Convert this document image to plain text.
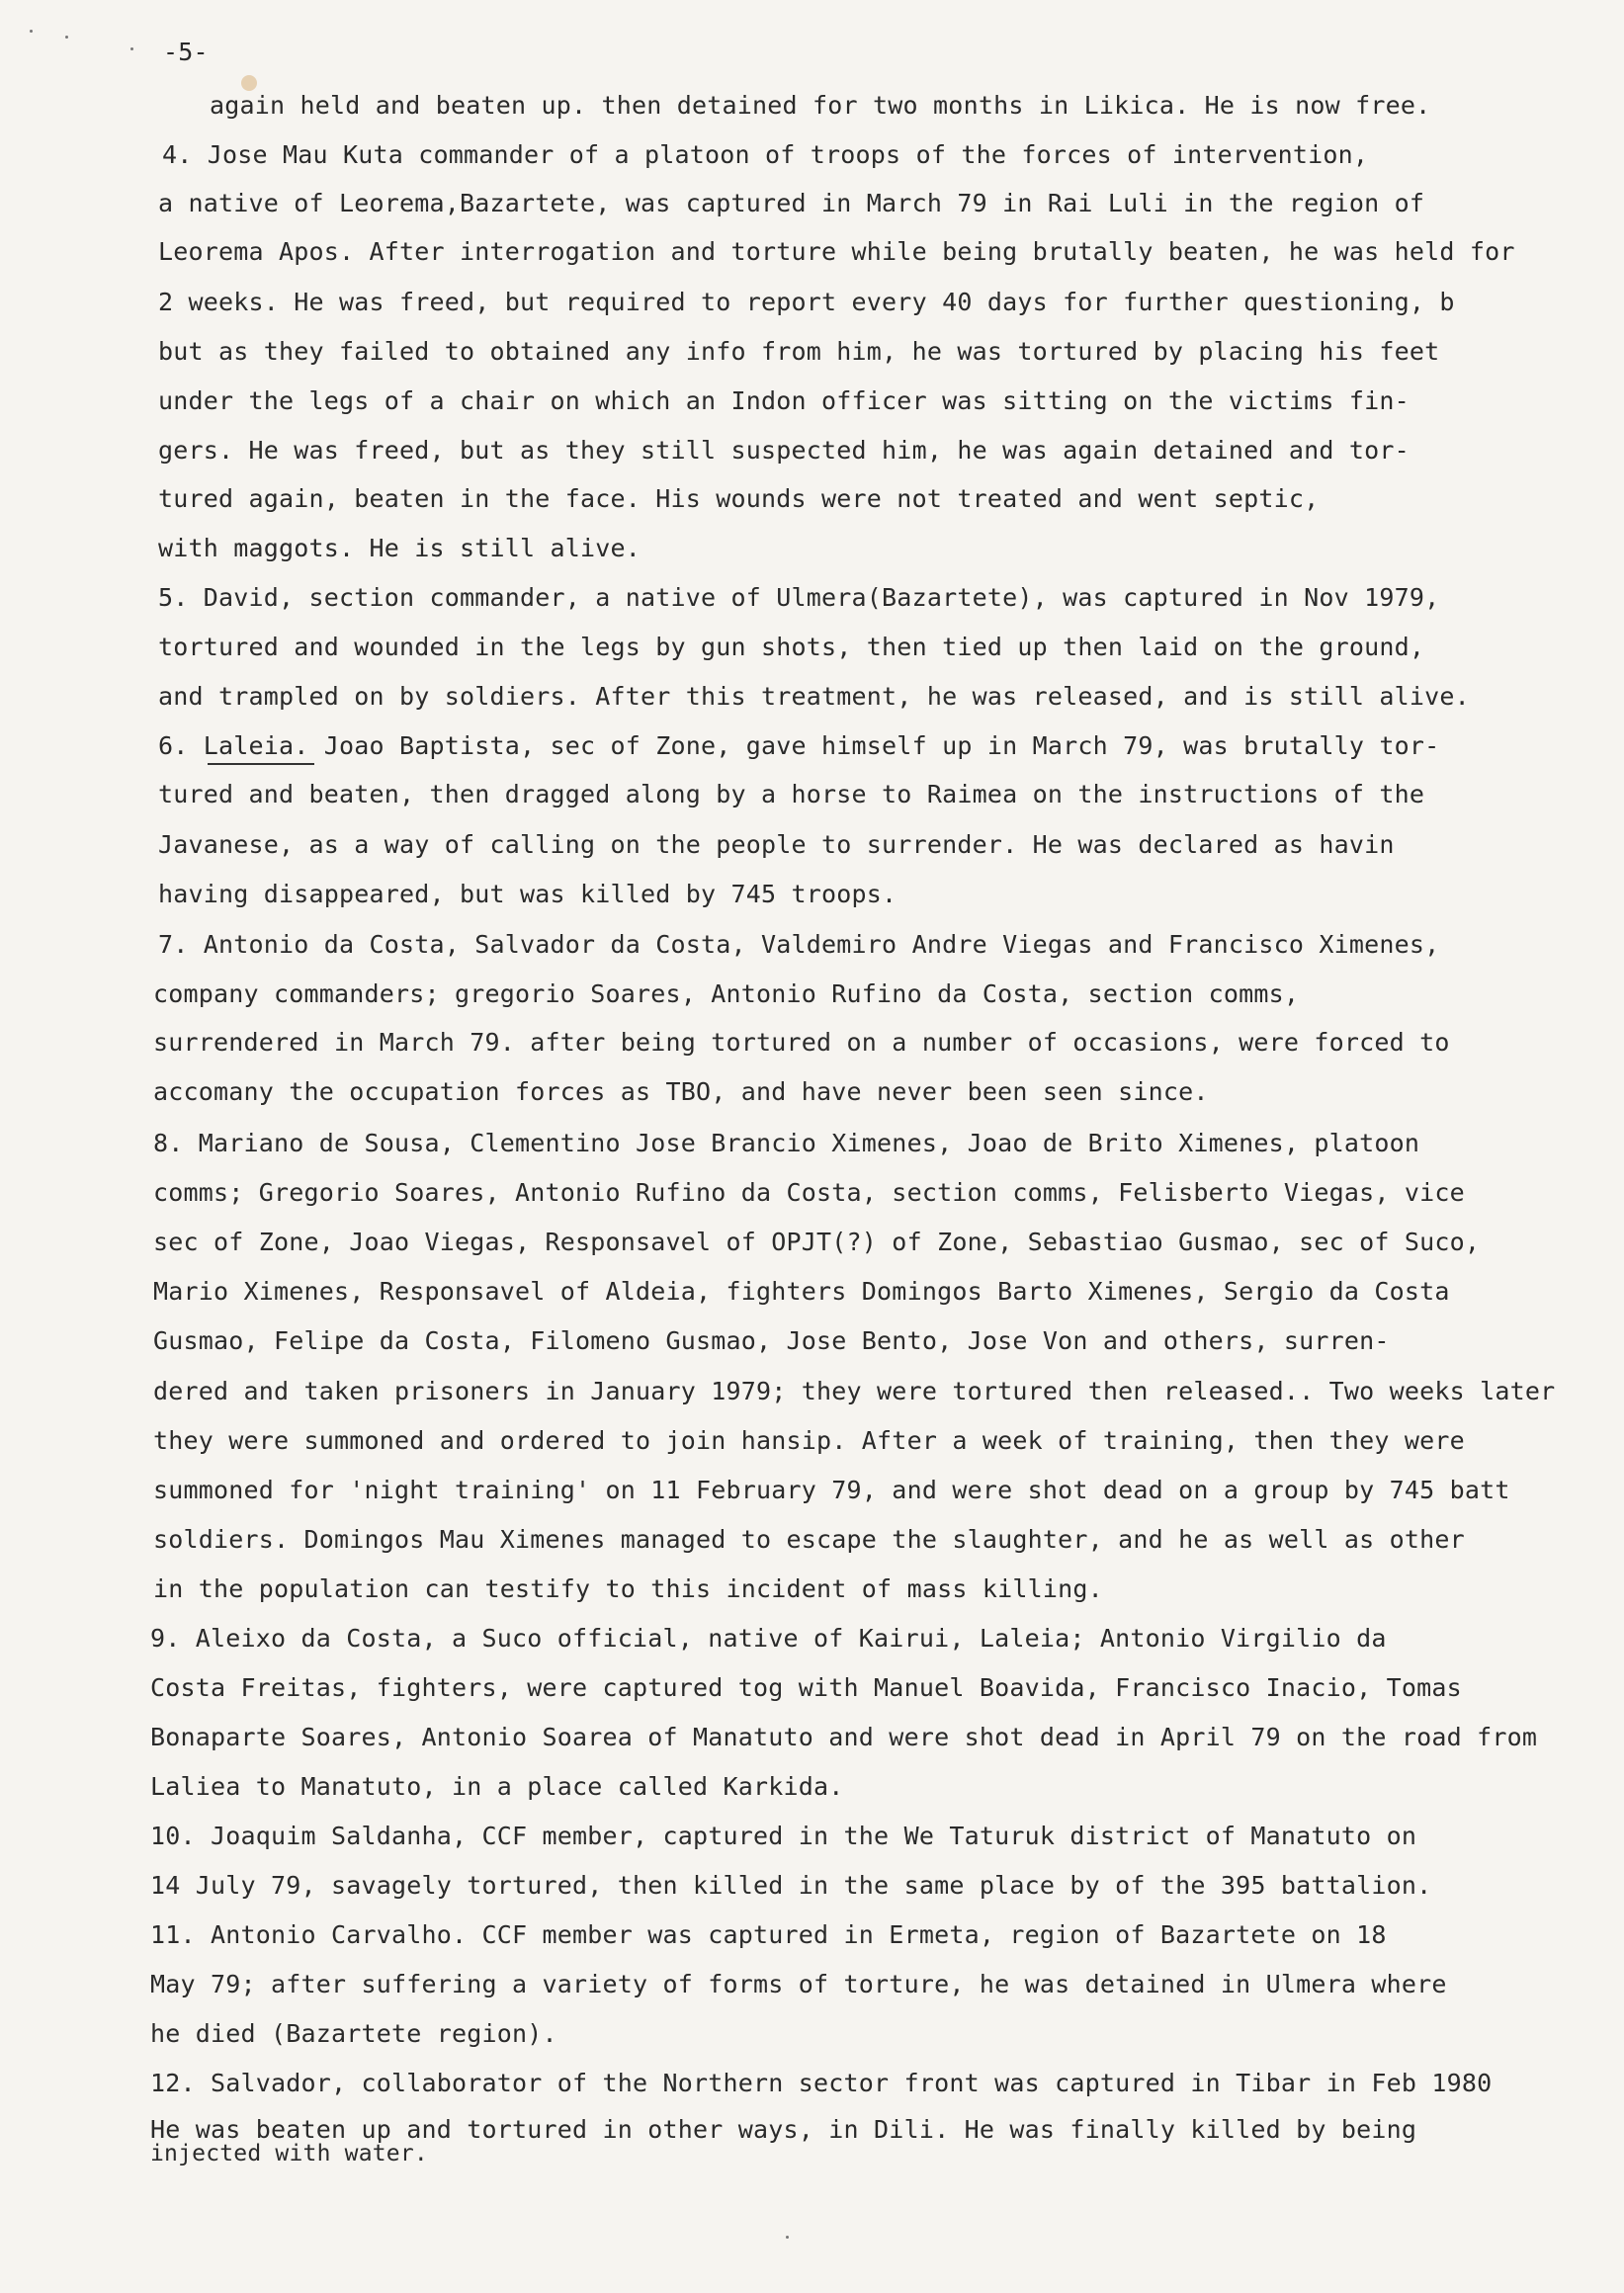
-5-
again held and beaten up. then detained for two months in Likica. He is now free.
4. Jose Mau Kuta commander of a platoon of troops of the forces of intervention,
a native of Leorema,Bazartete, was captured in March 79 in Rai Luli in the region of
Leorema Apos. After interrogation and torture while being brutally beaten, he was held for
2 weeks. He was freed, but required to report every 40 days for further questioning, b
but as they failed to obtained any info from him, he was tortured by placing his feet
under the legs of a chair on which an Indon officer was sitting on the victims fin-
gers. He was freed, but as they still suspected him, he was again detained and tor-
tured again, beaten in the face. His wounds were not treated and went septic,
with maggots. He is still alive.
5. David, section commander, a native of Ulmera(Bazartete), was captured in Nov 1979,
tortured and wounded in the legs by gun shots, then tied up then laid on the ground,
and trampled on by soldiers. After this treatment, he was released, and is still alive.
6. Laleia. Joao Baptista, sec of Zone, gave himself up in March 79, was brutally tor-
tured and beaten, then dragged along by a horse to Raimea on the instructions of the
Javanese, as a way of calling on the people to surrender. He was declared as havin
having disappeared, but was killed by 745 troops.
7. Antonio da Costa, Salvador da Costa, Valdemiro Andre Viegas and Francisco Ximenes,
company commanders; gregorio Soares, Antonio Rufino da Costa, section comms,
surrendered in March 79. after being tortured on a number of occasions, were forced to
accomany the occupation forces as TBO, and have never been seen since.
8. Mariano de Sousa, Clementino Jose Brancio Ximenes, Joao de Brito Ximenes, platoon
comms; Gregorio Soares, Antonio Rufino da Costa, section comms, Felisberto Viegas, vice
sec of Zone, Joao Viegas, Responsavel of OPJT(?) of Zone, Sebastiao Gusmao, sec of Suco,
Mario Ximenes, Responsavel of Aldeia, fighters Domingos Barto Ximenes, Sergio da Costa
Gusmao, Felipe da Costa, Filomeno Gusmao, Jose Bento, Jose Von and others, surren-
dered and taken prisoners in January 1979; they were tortured then released.. Two weeks later
they were summoned and ordered to join hansip. After a week of training, then they were
summoned for 'night training' on 11 February 79, and were shot dead on a group by 745 batt
soldiers. Domingos Mau Ximenes managed to escape the slaughter, and he as well as other
in the population can testify to this incident of mass killing.
9. Aleixo da Costa, a Suco official, native of Kairui, Laleia; Antonio Virgilio da
Costa Freitas, fighters, were captured tog with Manuel Boavida, Francisco Inacio, Tomas
Bonaparte Soares, Antonio Soarea of Manatuto and were shot dead in April 79 on the road from
Laliea to Manatuto, in a place called Karkida.
10. Joaquim Saldanha, CCF member, captured in the We Taturuk district of Manatuto on
14 July 79, savagely tortured, then killed in the same place by of the 395 battalion.
11. Antonio Carvalho. CCF member was captured in Ermeta, region of Bazartete on 18
May 79; after suffering a variety of forms of torture, he was detained in Ulmera where
he died (Bazartete region).
12. Salvador, collaborator of the Northern sector front was captured in Tibar in Feb 1980
He was beaten up and tortured in other ways, in Dili. He was finally killed by being
injected with water.
